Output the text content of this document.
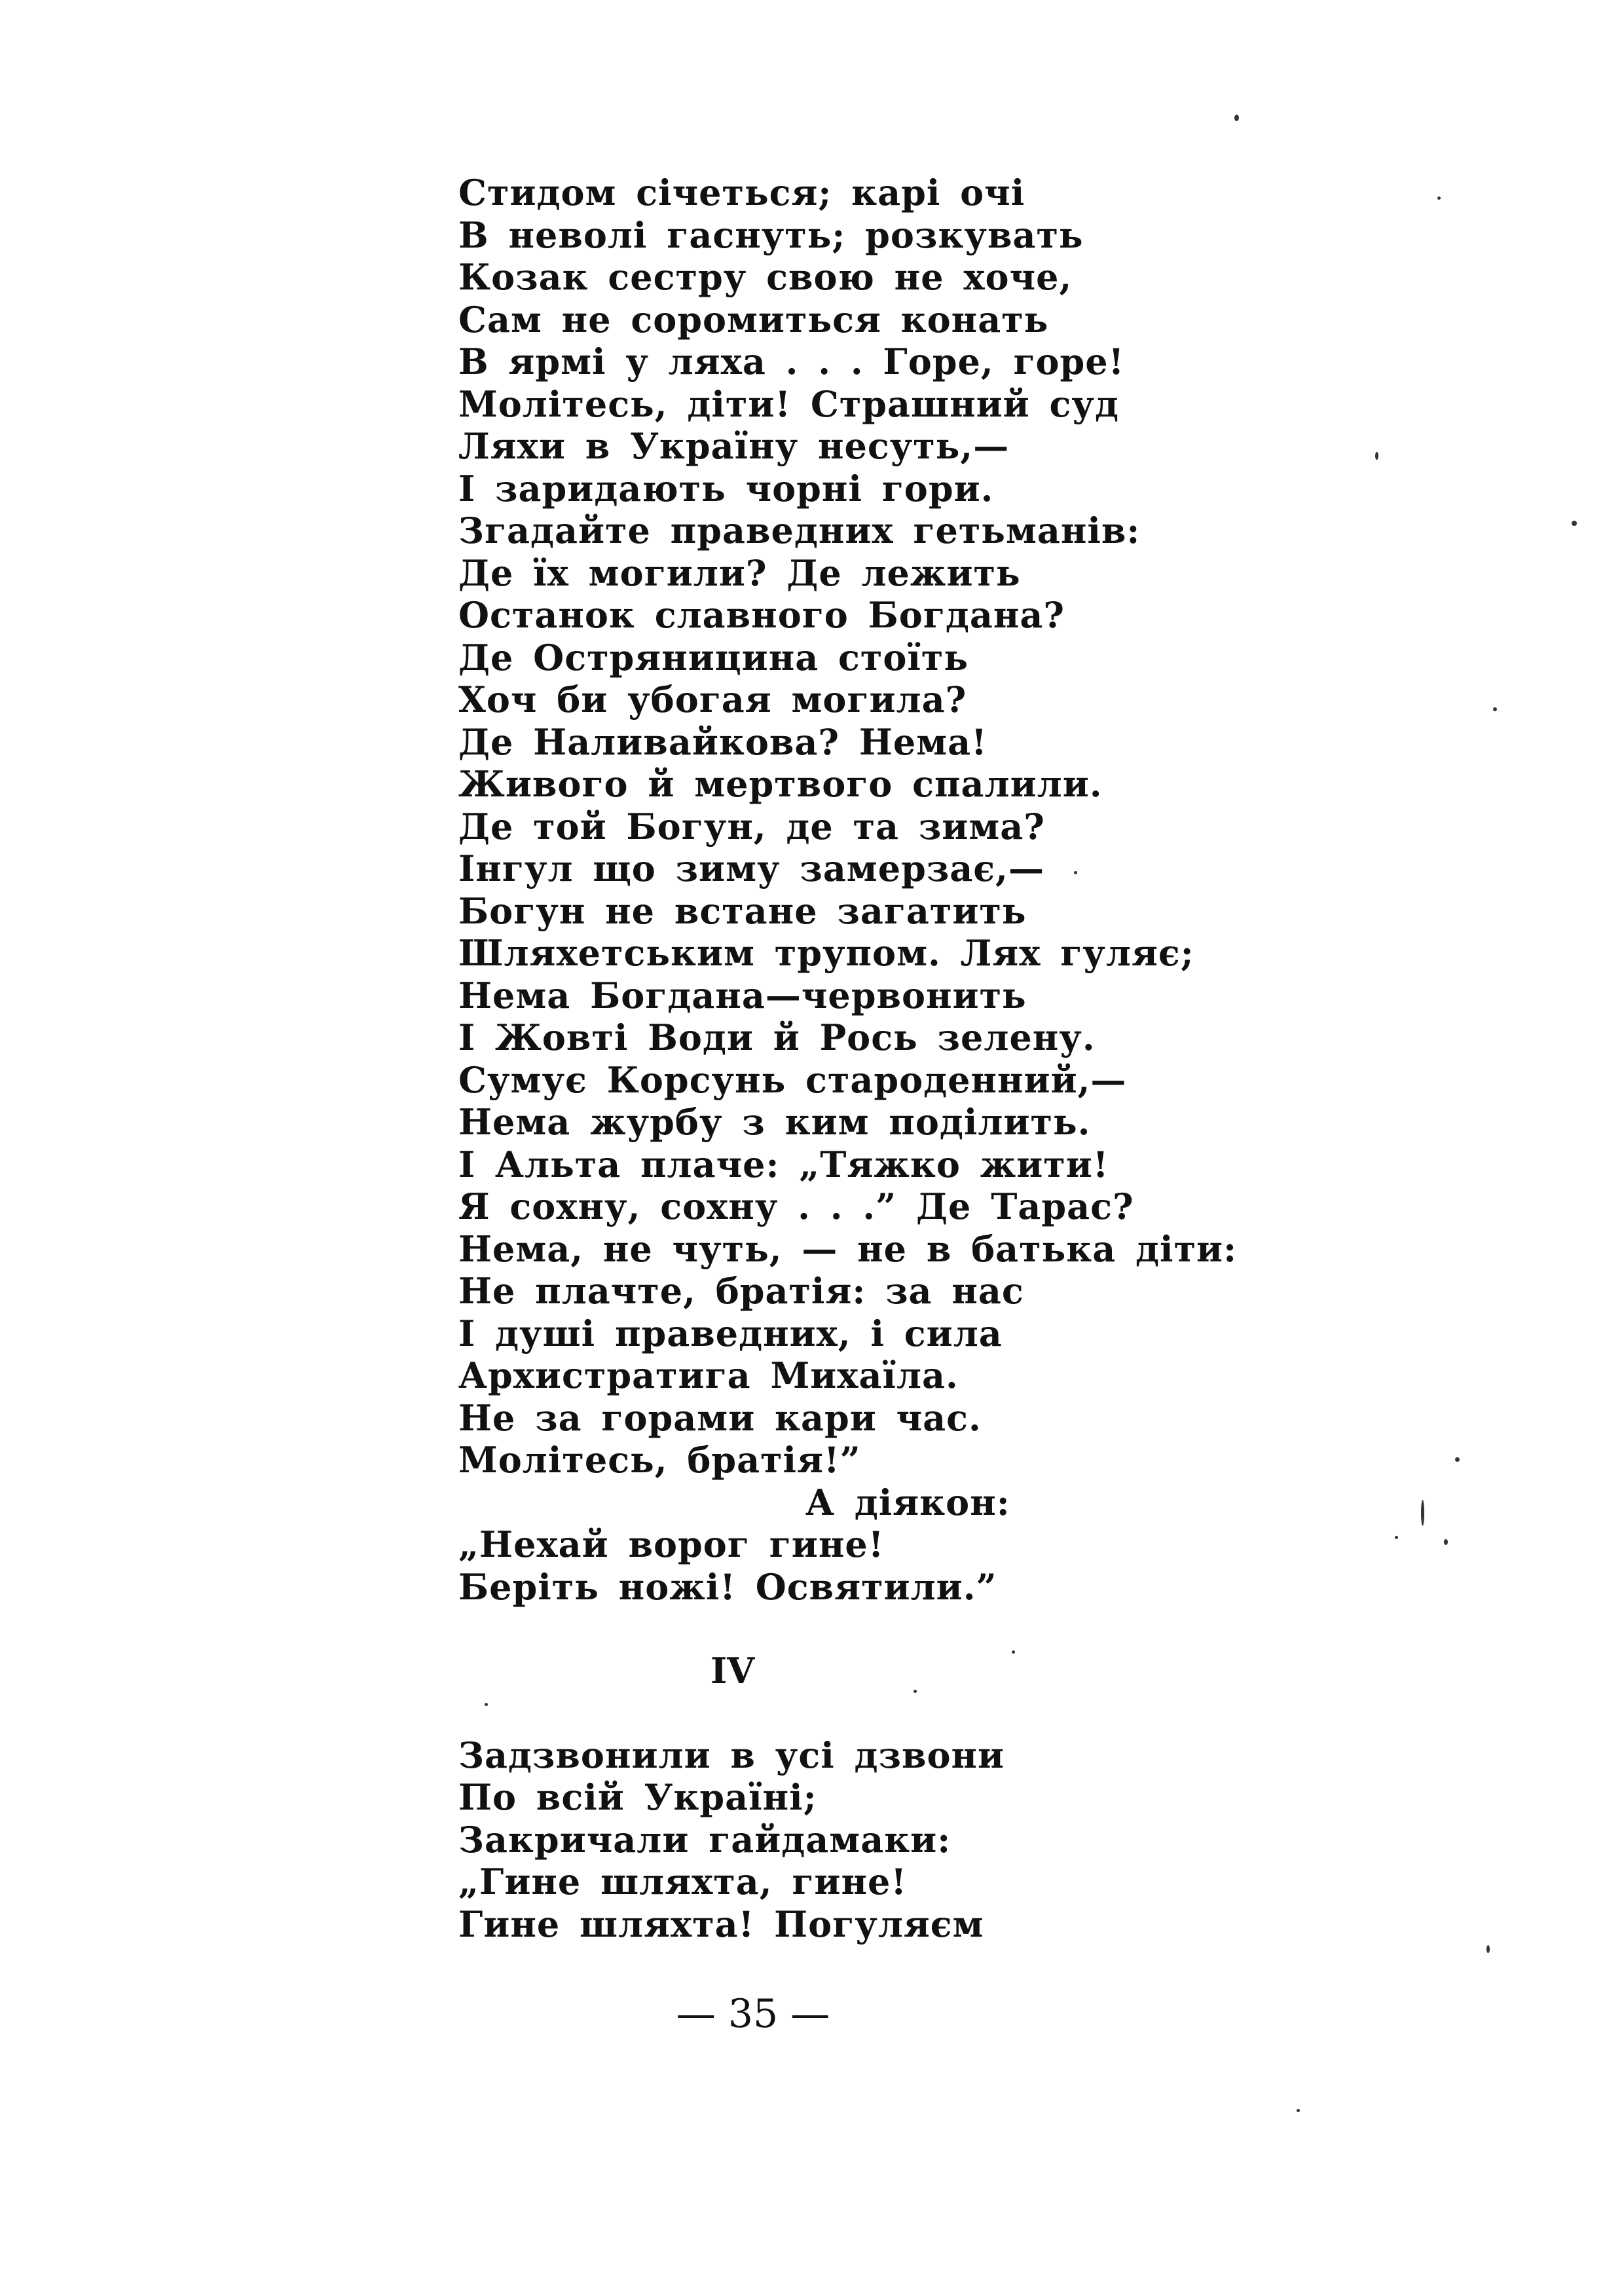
Стидом січеться; карі очі
В неволі гаснуть; розкувать
Козак сестру свою не хоче,
Сам не соромиться конать
В ярмі у ляха . . . Горе, горе!
Молітесь, діти! Страшний суд
Ляхи в Україну несуть,—
І заридають чорні гори.
Згадайте праведних гетьманів:
Де їх могили? Де лежить
Останок славного Богдана?
Де Остряницина стоїть
Хоч би убогая могила?
Де Наливайкова? Нема!
Живого й мертвого спалили.
Де той Богун, де та зима?
Інгул що зиму замерзає,—
Богун не встане загатить
Шляхетським трупом. Лях гуляє;
Нема Богдана—червонить
І Жовті Води й Рось зелену.
Сумує Корсунь староденний,—
Нема журбу з ким поділить.
І Альта плаче: „Тяжко жити!
Я сохну, сохну . . .” Де Тарас?
Нема, не чуть, — не в батька діти:
Не плачте, братія: за нас
І душі праведних, і сила
Архистратига Михаїла.
Не за горами кари час.
Молітесь, братія!”
А діякон:
„Нехай ворог гине!
Беріть ножі! Освятили.”
IV
Задзвонили в усі дзвони
По всій Україні;
Закричали гайдамаки:
„Гине шляхта, гине!
Гине шляхта! Погуляєм
— 35 —
